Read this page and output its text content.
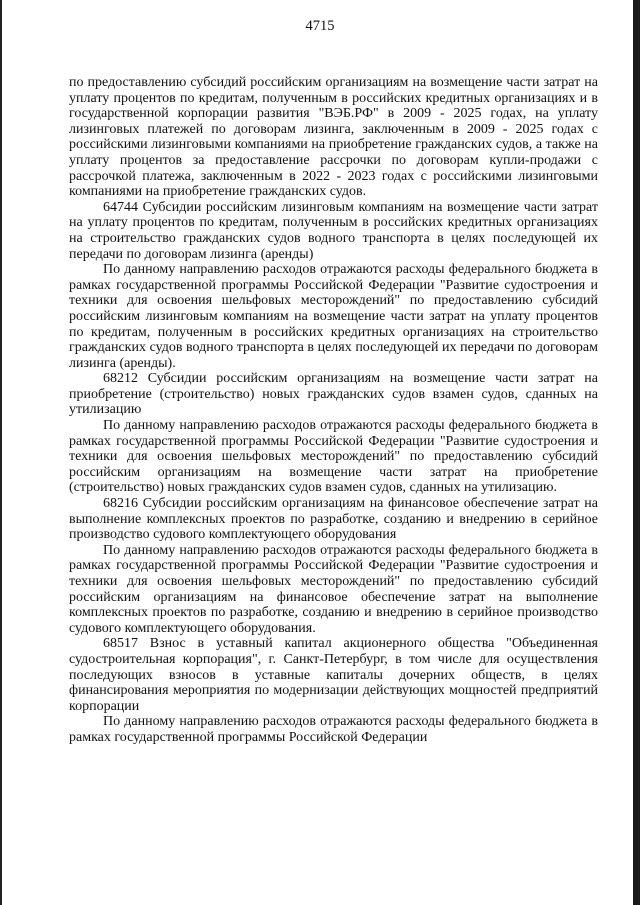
4715

по предоставлению субсидий российским организациям на возмещение части затрат на уплату процентов по кредитам, полученным в российских кредитных организациях и в государственной корпорации развития "ВЭБ.РФ" в 2009 - 2025 годах, на уплату лизинговых платежей по договорам лизинга, заключенным в 2009 - 2025 годах с российскими лизинговыми компаниями на приобретение гражданских судов, а также на уплату процентов за предоставление рассрочки по договорам купли-продажи с рассрочкой платежа, заключенным в 2022 - 2023 годах с российскими лизинговыми компаниями на приобретение гражданских судов.

64744 Субсидии российским лизинговым компаниям на возмещение части затрат на уплату процентов по кредитам, полученным в российских кредитных организациях на строительство гражданских судов водного транспорта в целях последующей их передачи по договорам лизинга (аренды)

По данному направлению расходов отражаются расходы федерального бюджета в рамках государственной программы Российской Федерации "Развитие судостроения и техники для освоения шельфовых месторождений" по предоставлению субсидий российским лизинговым компаниям на возмещение части затрат на уплату процентов по кредитам, полученным в российских кредитных организациях на строительство гражданских судов водного транспорта в целях последующей их передачи по договорам лизинга (аренды).

68212 Субсидии российским организациям на возмещение части затрат на приобретение (строительство) новых гражданских судов взамен судов, сданных на утилизацию

По данному направлению расходов отражаются расходы федерального бюджета в рамках государственной программы Российской Федерации "Развитие судостроения и техники для освоения шельфовых месторождений" по предоставлению субсидий российским организациям на возмещение части затрат на приобретение (строительство) новых гражданских судов взамен судов, сданных на утилизацию.

68216 Субсидии российским организациям на финансовое обеспечение затрат на выполнение комплексных проектов по разработке, созданию и внедрению в серийное производство судового комплектующего оборудования

По данному направлению расходов отражаются расходы федерального бюджета в рамках государственной программы Российской Федерации "Развитие судостроения и техники для освоения шельфовых месторождений" по предоставлению субсидий российским организациям на финансовое обеспечение затрат на выполнение комплексных проектов по разработке, созданию и внедрению в серийное производство судового комплектующего оборудования.

68517 Взнос в уставный капитал акционерного общества "Объединенная судостроительная корпорация", г. Санкт-Петербург, в том числе для осуществления последующих взносов в уставные капиталы дочерних обществ, в целях финансирования мероприятия по модернизации действующих мощностей предприятий корпорации

По данному направлению расходов отражаются расходы федерального бюджета в рамках государственной программы Российской Федерации
